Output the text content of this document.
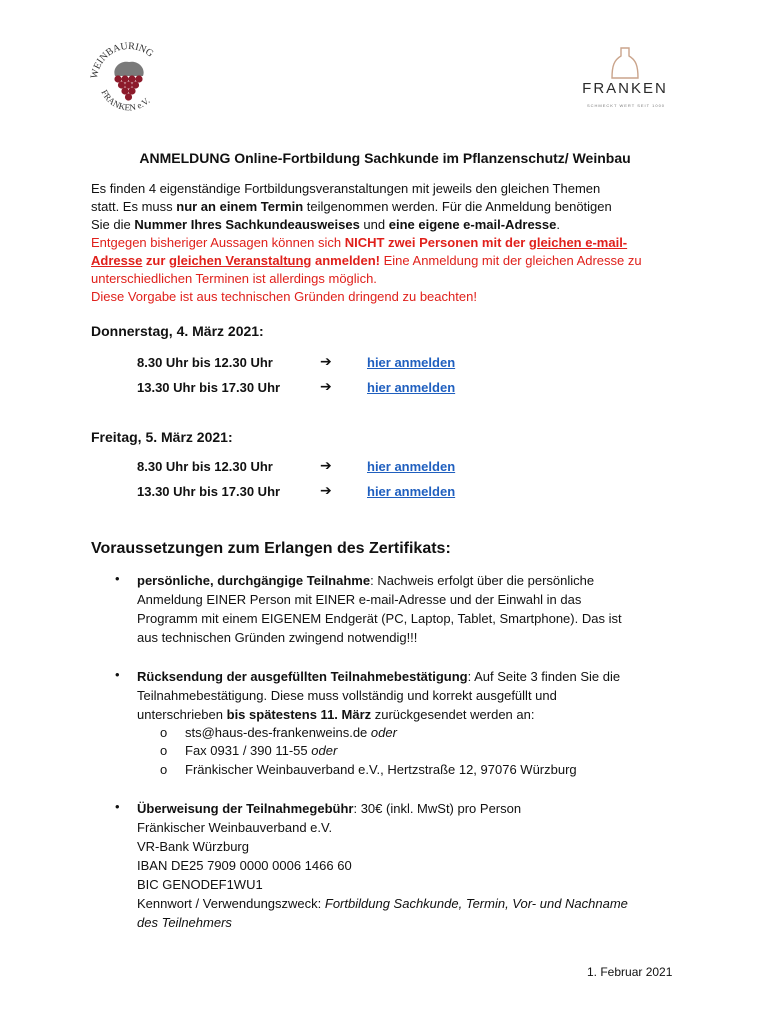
WEINBAURING
FRANKEN e.V.
FRANKEN
SCHMECKT WERT SEIT 1000
ANMELDUNG Online-Fortbildung Sachkunde im Pflanzenschutz/ Weinbau
Es finden 4 eigenständige Fortbildungsveranstaltungen mit jeweils den gleichen Themen
statt. Es muss nur an einem Termin teilgenommen werden. Für die Anmeldung benötigen
Sie die Nummer Ihres Sachkundeausweises und eine eigene e-mail-Adresse.
Entgegen bisheriger Aussagen können sich NICHT zwei Personen mit der gleichen e-mail-
Adresse zur gleichen Veranstaltung anmelden! Eine Anmeldung mit der gleichen Adresse zu
unterschiedlichen Terminen ist allerdings möglich.
Diese Vorgabe ist aus technischen Gründen dringend zu beachten!
Donnerstag, 4. März 2021:
8.30 Uhr bis 12.30 Uhr	➔	hier anmelden
13.30 Uhr bis 17.30 Uhr	➔	hier anmelden
Freitag, 5. März 2021:
8.30 Uhr bis 12.30 Uhr	➔	hier anmelden
13.30 Uhr bis 17.30 Uhr	➔	hier anmelden
Voraussetzungen zum Erlangen des Zertifikats:
• persönliche, durchgängige Teilnahme: Nachweis erfolgt über die persönliche
Anmeldung EINER Person mit EINER e-mail-Adresse und der Einwahl in das
Programm mit einem EIGENEM Endgerät (PC, Laptop, Tablet, Smartphone). Das ist
aus technischen Gründen zwingend notwendig!!!
• Rücksendung der ausgefüllten Teilnahmebestätigung: Auf Seite 3 finden Sie die
Teilnahmebestätigung. Diese muss vollständig und korrekt ausgefüllt und
unterschrieben bis spätestens 11. März zurückgesendet werden an:
o sts@haus-des-frankenweins.de oder
o Fax 0931 / 390 11-55 oder
o Fränkischer Weinbauverband e.V., Hertzstraße 12, 97076 Würzburg
• Überweisung der Teilnahmegebühr: 30€ (inkl. MwSt) pro Person
Fränkischer Weinbauverband e.V.
VR-Bank Würzburg
IBAN DE25 7909 0000 0006 1466 60
BIC GENODEF1WU1
Kennwort / Verwendungszweck: Fortbildung Sachkunde, Termin, Vor- und Nachname
des Teilnehmers
1. Februar 2021
